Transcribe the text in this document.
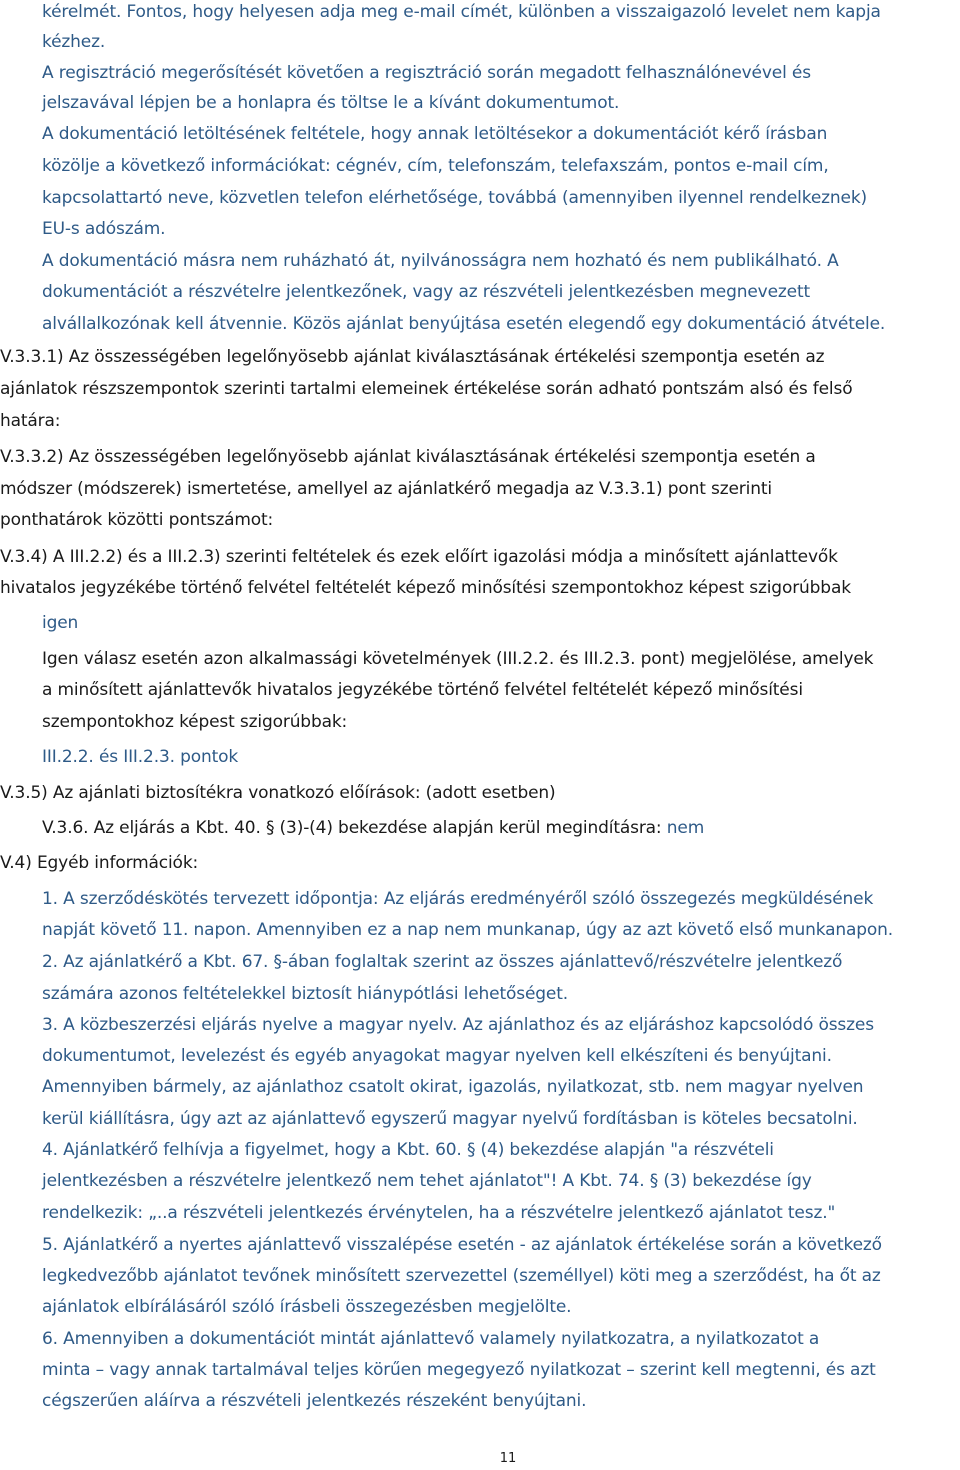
kérelmét. Fontos, hogy helyesen adja meg e-mail címét, különben a visszaigazoló levelet nem kapja
kézhez.
A regisztráció megerősítését követően a regisztráció során megadott felhasználónevével és
jelszavával lépjen be a honlapra és töltse le a kívánt dokumentumot.
A dokumentáció letöltésének feltétele, hogy annak letöltésekor a dokumentációt kérő írásban
közölje a következő információkat: cégnév, cím, telefonszám, telefaxszám, pontos e-mail cím,
kapcsolattartó neve, közvetlen telefon elérhetősége, továbbá (amennyiben ilyennel rendelkeznek)
EU-s adószám.
A dokumentáció másra nem ruházható át, nyilvánosságra nem hozható és nem publikálható. A
dokumentációt a részvételre jelentkezőnek, vagy az részvételi jelentkezésben megnevezett
alvállalkozónak kell átvennie. Közös ajánlat benyújtása esetén elegendő egy dokumentáció átvétele.
V.3.3.1) Az összességében legelőnyösebb ajánlat kiválasztásának értékelési szempontja esetén az
ajánlatok részszempontok szerinti tartalmi elemeinek értékelése során adható pontszám alsó és felső
határa:
V.3.3.2) Az összességében legelőnyösebb ajánlat kiválasztásának értékelési szempontja esetén a
módszer (módszerek) ismertetése, amellyel az ajánlatkérő megadja az V.3.3.1) pont szerinti
ponthatárok közötti pontszámot:
V.3.4) A III.2.2) és a III.2.3) szerinti feltételek és ezek előírt igazolási módja a minősített ajánlattevők
hivatalos jegyzékébe történő felvétel feltételét képező minősítési szempontokhoz képest szigorúbbak
igen
Igen válasz esetén azon alkalmassági követelmények (III.2.2. és III.2.3. pont) megjelölése, amelyek
a minősített ajánlattevők hivatalos jegyzékébe történő felvétel feltételét képező minősítési
szempontokhoz képest szigorúbbak:
III.2.2. és III.2.3. pontok
V.3.5) Az ajánlati biztosítékra vonatkozó előírások: (adott esetben)
V.3.6. Az eljárás a Kbt. 40. § (3)-(4) bekezdése alapján kerül megindításra: nem
V.4) Egyéb információk:
1. A szerződéskötés tervezett időpontja: Az eljárás eredményéről szóló összegezés megküldésének
napját követő 11. napon. Amennyiben ez a nap nem munkanap, úgy az azt követő első munkanapon.
2. Az ajánlatkérő a Kbt. 67. §-ában foglaltak szerint az összes ajánlattevő/részvételre jelentkező
számára azonos feltételekkel biztosít hiánypótlási lehetőséget.
3. A közbeszerzési eljárás nyelve a magyar nyelv. Az ajánlathoz és az eljáráshoz kapcsolódó összes
dokumentumot, levelezést és egyéb anyagokat magyar nyelven kell elkészíteni és benyújtani.
Amennyiben bármely, az ajánlathoz csatolt okirat, igazolás, nyilatkozat, stb. nem magyar nyelven
kerül kiállításra, úgy azt az ajánlattevő egyszerű magyar nyelvű fordításban is köteles becsatolni.
4. Ajánlatkérő felhívja a figyelmet, hogy a Kbt. 60. § (4) bekezdése alapján "a részvételi
jelentkezésben a részvételre jelentkező nem tehet ajánlatot"! A Kbt. 74. § (3) bekezdése így
rendelkezik: „..a részvételi jelentkezés érvénytelen, ha a részvételre jelentkező ajánlatot tesz."
5. Ajánlatkérő a nyertes ajánlattevő visszalépése esetén - az ajánlatok értékelése során a következő
legkedvezőbb ajánlatot tevőnek minősített szervezettel (személlyel) köti meg a szerződést, ha őt az
ajánlatok elbírálásáról szóló írásbeli összegezésben megjelölte.
6. Amennyiben a dokumentációt mintát ajánlattevő valamely nyilatkozatra, a nyilatkozatot a
minta – vagy annak tartalmával teljes körűen megegyező nyilatkozat – szerint kell megtenni, és azt
cégszerűen aláírva a részvételi jelentkezés részeként benyújtani.
11
